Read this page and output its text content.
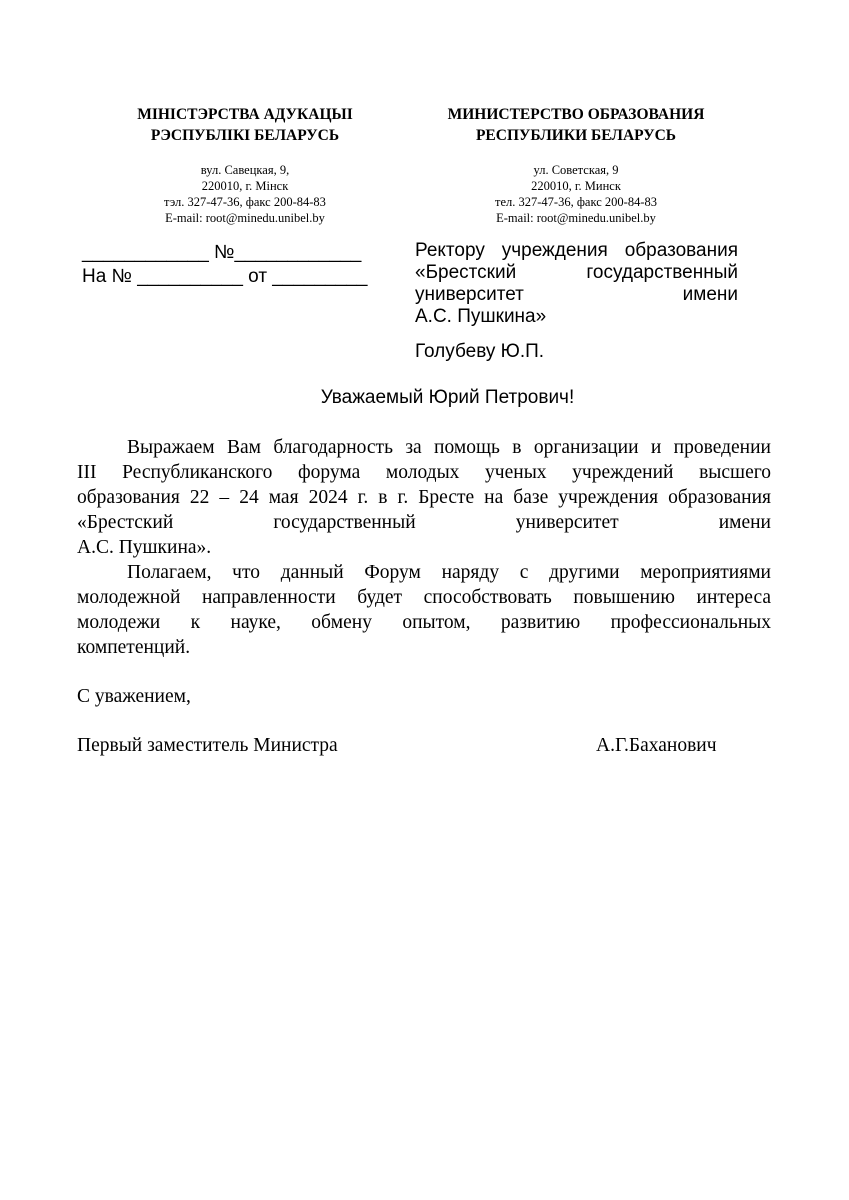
МІНІСТЭРСТВА АДУКАЦЫІ
РЭСПУБЛІКІ БЕЛАРУСЬ
вул. Савецкая, 9,
220010, г. Мінск
тэл. 327-47-36, факс 200-84-83
E-mail: root@minedu.unibel.by
МИНИСТЕРСТВО ОБРАЗОВАНИЯ
РЕСПУБЛИКИ БЕЛАРУСЬ
ул. Советская, 9
220010, г. Минск
тел. 327-47-36, факс 200-84-83
E-mail: root@minedu.unibel.by
____________ №____________
На № __________ от _________
Ректору учреждения образования
«Брестский государственный
университет имени
А.С. Пушкина»
Голубеву Ю.П.
Уважаемый Юрий Петрович!

Выражаем Вам благодарность за помощь в организации и проведении
III Республиканского форума молодых ученых учреждений высшего
образования 22 – 24 мая 2024 г. в г. Бресте на базе учреждения образования
«Брестский государственный университет имени
А.С. Пушкина».

Полагаем, что данный Форум наряду с другими мероприятиями
молодежной направленности будет способствовать повышению интереса
молодежи к науке, обмену опытом, развитию профессиональных
компетенций.

С уважением,
Первый заместитель Министра	А.Г.Баханович
